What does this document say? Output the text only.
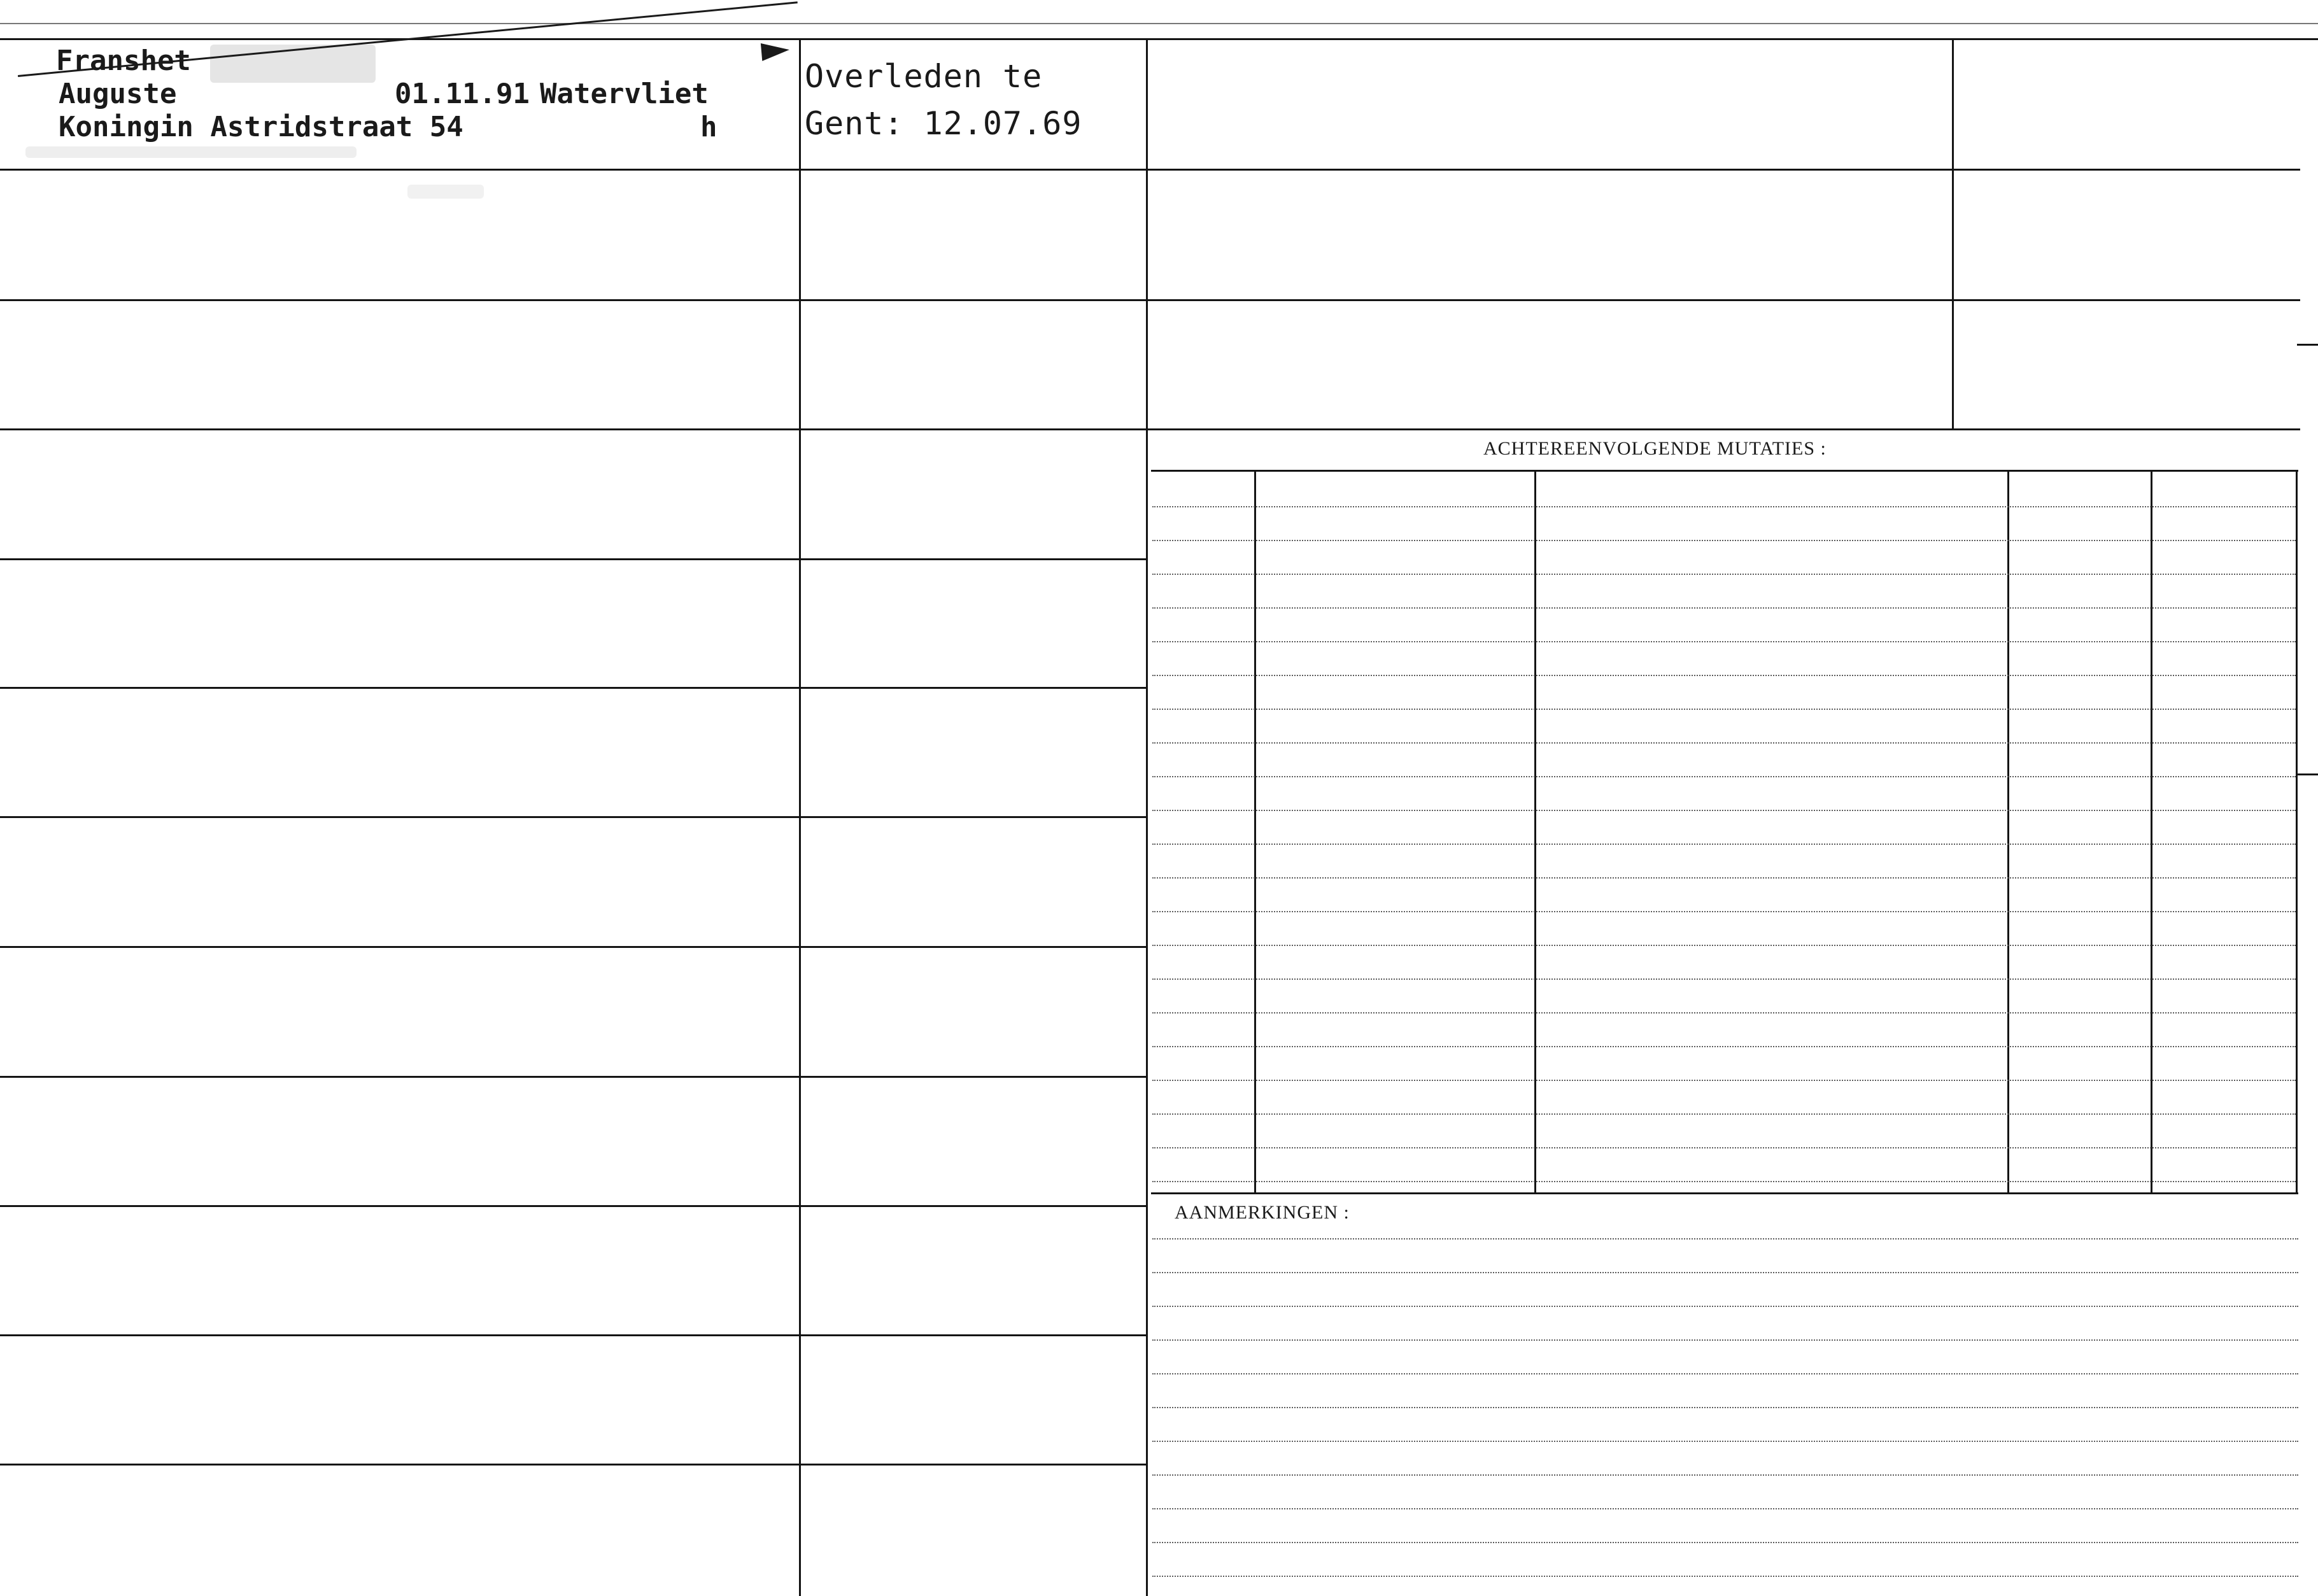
ACHTEREENVOLGENDE MUTATIES :
AANMERKINGEN :
Franshet
Auguste	01.11.91 Watervliet
Koningin Astridstraat 54	h
Overleden te
Gent: 12.07.69
